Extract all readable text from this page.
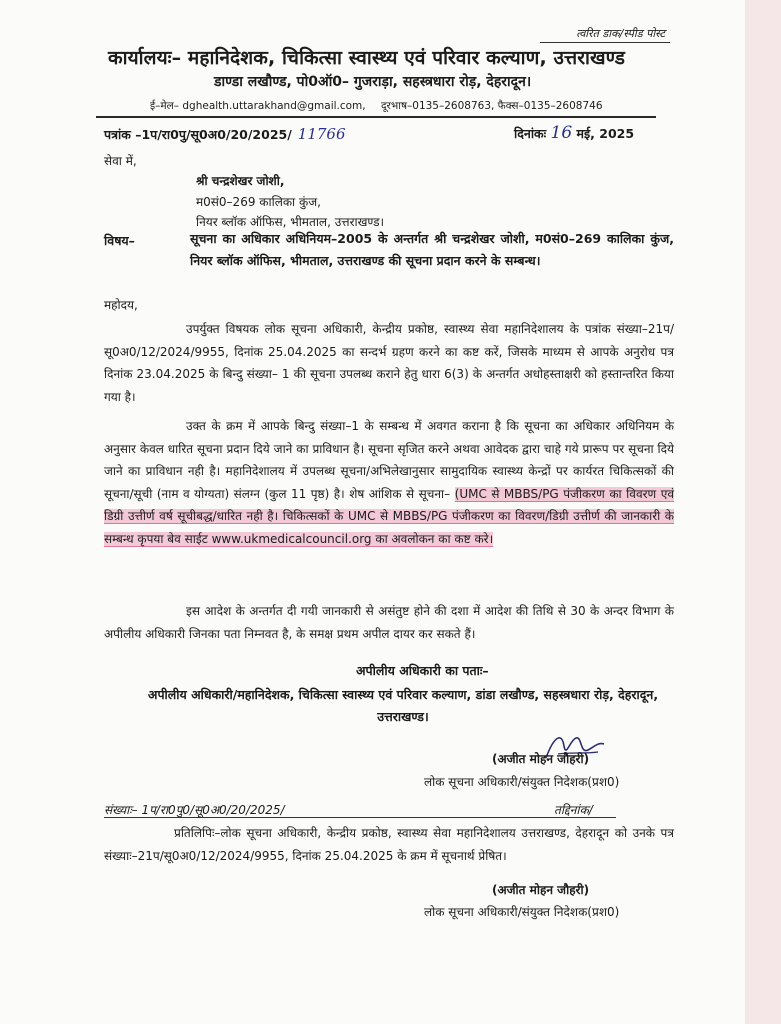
त्वरित डाक/स्पीड पोस्ट
कार्यालयः– महानिदेशक, चिकित्सा स्वास्थ्य एवं परिवार कल्याण, उत्तराखण्ड
डाण्डा लखौण्ड, पो0ऑ0– गुजराड़ा, सहस्त्रधारा रोड़, देहरादून।
ई–मेल– dghealth.uttarakhand@gmail.com, दूरभाष–0135–2608763, फैक्स–0135–2608746
पत्रांक –1प/रा0पु/सू0अ0/20/2025/ 11766	दिनांकः 16 मई, 2025
सेवा में,
श्री चन्द्रशेखर जोशी,
म0सं0–269 कालिका कुंज,
नियर ब्लॉक ऑफिस, भीमताल, उत्तराखण्ड।
विषय–	सूचना का अधिकार अधिनियम–2005 के अन्तर्गत श्री चन्द्रशेखर जोशी, म0सं0–269 कालिका कुंज, नियर ब्लॉक ऑफिस, भीमताल, उत्तराखण्ड की सूचना प्रदान करने के सम्बन्ध।
महोदय,
उपर्युक्त विषयक लोक सूचना अधिकारी, केन्द्रीय प्रकोष्ठ, स्वास्थ्य सेवा महानिदेशालय के पत्रांक संख्या–21प/सू0अ0/12/2024/9955, दिनांक 25.04.2025 का सन्दर्भ ग्रहण करने का कष्ट करें, जिसके माध्यम से आपके अनुरोध पत्र दिनांक 23.04.2025 के बिन्दु संख्या– 1 की सूचना उपलब्ध कराने हेतु धारा 6(3) के अन्तर्गत अधोहस्ताक्षरी को हस्तान्तरित किया गया है।
उक्त के क्रम में आपके बिन्दु संख्या–1 के सम्बन्ध में अवगत कराना है कि सूचना का अधिकार अधिनियम के अनुसार केवल धारित सूचना प्रदान दिये जाने का प्राविधान है। सूचना सृजित करने अथवा आवेदक द्वारा चाहे गये प्रारूप पर सूचना दिये जाने का प्राविधान नही है। महानिदेशालय में उपलब्ध सूचना/अभिलेखानुसार सामुदायिक स्वास्थ्य केन्द्रों पर कार्यरत चिकित्सकों की सूचना/सूची (नाम व योग्यता) संलग्न (कुल 11 पृष्ठ) है। शेष आंशिक से सूचना– (UMC से MBBS/PG पंजीकरण का विवरण एवं डिग्री उत्तीर्ण वर्ष सूचीबद्ध/धारित नही है। चिकित्सकों के UMC से MBBS/PG पंजीकरण का विवरण/डिग्री उत्तीर्ण की जानकारी के सम्बन्ध कृपया बेव साईट www.ukmedicalcouncil.org का अवलोकन का कष्ट करे।
इस आदेश के अन्तर्गत दी गयी जानकारी से असंतुष्ट होने की दशा में आदेश की तिथि से 30 के अन्दर विभाग के अपीलीय अधिकारी जिनका पता निम्नवत है, के समक्ष प्रथम अपील दायर कर सकते हैं।
अपीलीय अधिकारी का पताः–
अपीलीय अधिकारी/महानिदेशक, चिकित्सा स्वास्थ्य एवं परिवार कल्याण, डांडा लखौण्ड, सहस्त्रधारा रोड़, देहरादून, उत्तराखण्ड।
(अजीत मोहन जौहरी)
लोक सूचना अधिकारी/संयुक्त निदेशक(प्रश0)
संख्याः– 1प/रा0पु0/सू0अ0/20/2025/	तद्दिनांक/
प्रतिलिपिः–लोक सूचना अधिकारी, केन्द्रीय प्रकोष्ठ, स्वास्थ्य सेवा महानिदेशालय उत्तराखण्ड, देहरादून को उनके पत्र संख्याः–21प/सू0अ0/12/2024/9955, दिनांक 25.04.2025 के क्रम में सूचनार्थ प्रेषित।
(अजीत मोहन जौहरी)
लोक सूचना अधिकारी/संयुक्त निदेशक(प्रश0)
